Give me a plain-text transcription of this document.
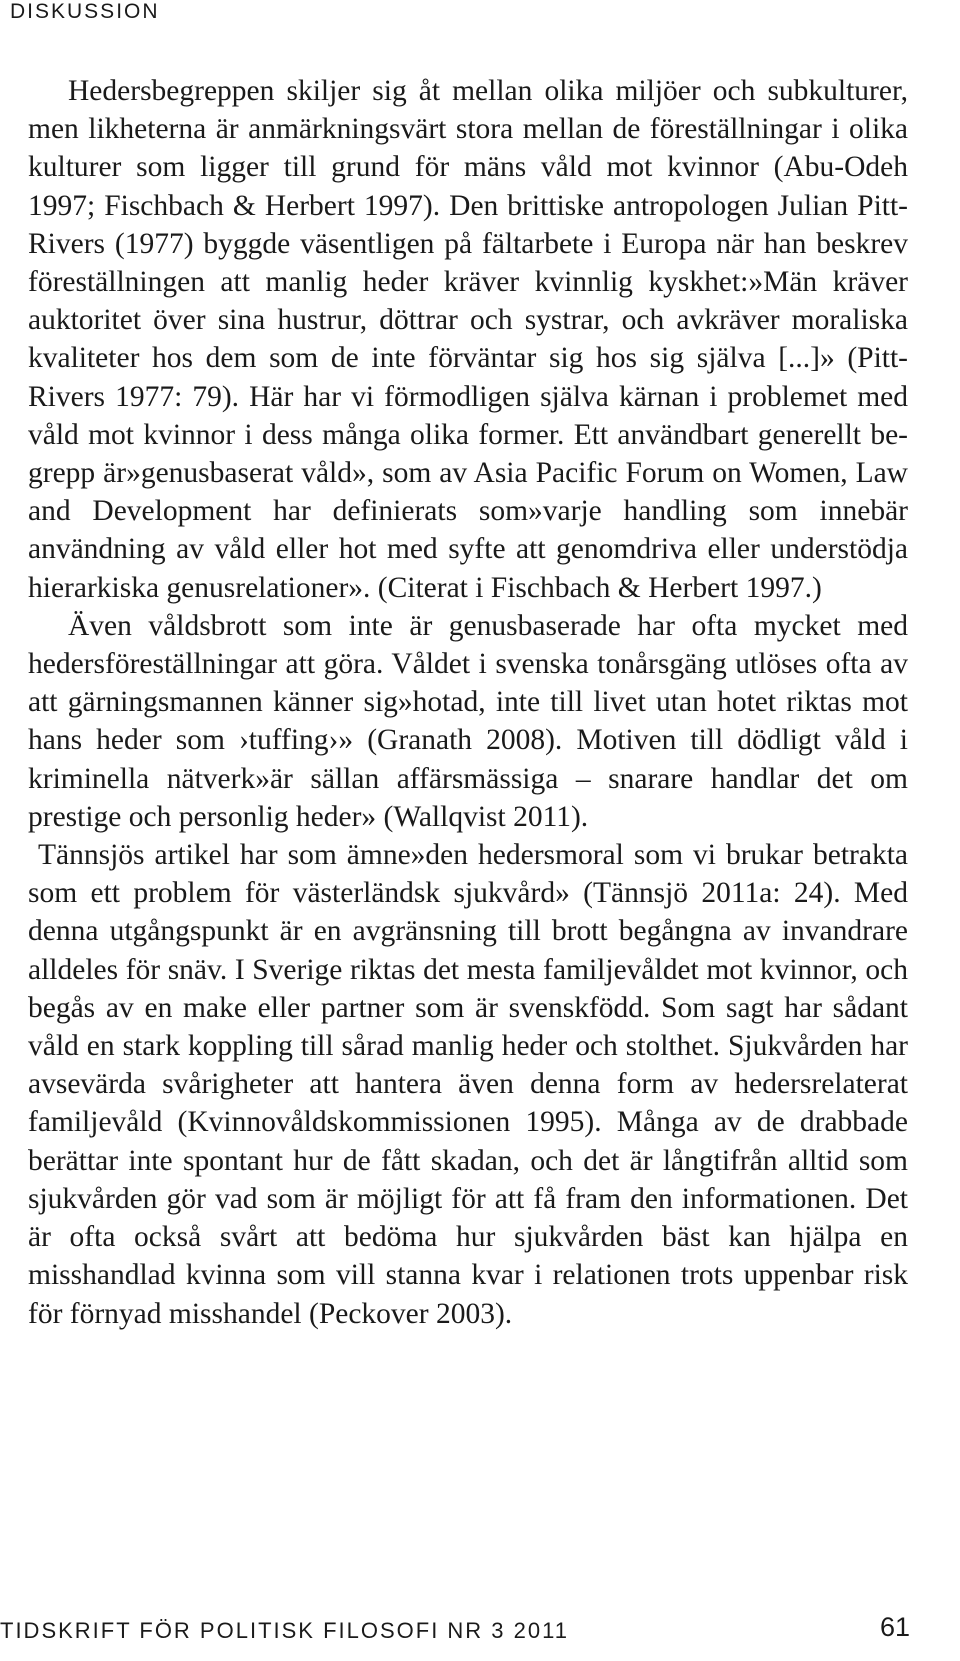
DISKUSSION

Hedersbegreppen skiljer sig åt mellan olika miljöer och subkulturer, men likheterna är anmärkningsvärt stora mellan de föreställningar i olika kulturer som ligger till grund för mäns våld mot kvinnor (Abu-Odeh 1997; Fischbach & Herbert 1997). Den brittiske antropologen Julian Pitt-Rivers (1977) byggde väsentligen på fältarbete i Europa när han beskrev föreställningen att manlig heder kräver kvinnlig kyskhet:»Män kräver auktoritet över sina hustrur, döttrar och systrar, och avkräver moraliska kvaliteter hos dem som de inte förväntar sig hos sig själva [...]» (Pitt-Rivers 1977: 79). Här har vi förmodligen själva kärnan i problemet med våld mot kvinnor i dess många olika former. Ett användbart generellt begrepp är»genusbaserat våld», som av Asia Pacific Forum on Women, Law and Development har definierats som»varje handling som innebär användning av våld eller hot med syfte att genomdriva eller understödja hierarkiska genusrelationer». (Citerat i Fischbach & Herbert 1997.)

Även våldsbrott som inte är genusbaserade har ofta mycket med hedersföreställningar att göra. Våldet i svenska tonårsgäng utlöses ofta av att gärningsmannen känner sig»hotad, inte till livet utan hotet riktas mot hans heder som ›tuffing›» (Granath 2008). Motiven till dödligt våld i kriminella nätverk»är sällan affärsmässiga – snarare handlar det om prestige och personlig heder» (Wallqvist 2011).

Tännsjös artikel har som ämne»den hedersmoral som vi brukar betrakta som ett problem för västerländsk sjukvård» (Tännsjö 2011a: 24). Med denna utgångspunkt är en avgränsning till brott begångna av invandrare alldeles för snäv. I Sverige riktas det mesta familjevåldet mot kvinnor, och begås av en make eller partner som är svenskfödd. Som sagt har sådant våld en stark koppling till sårad manlig heder och stolthet. Sjukvården har avsevärda svårigheter att hantera även denna form av hedersrelaterat familjevåld (Kvinnovåldskommissionen 1995). Många av de drabbade berättar inte spontant hur de fått skadan, och det är långtifrån alltid som sjukvården gör vad som är möjligt för att få fram den informationen. Det är ofta också svårt att bedöma hur sjukvården bäst kan hjälpa en misshandlad kvinna som vill stanna kvar i relationen trots uppenbar risk för förnyad misshandel (Peckover 2003).

TIDSKRIFT FÖR POLITISK FILOSOFI NR 3 2011	61
